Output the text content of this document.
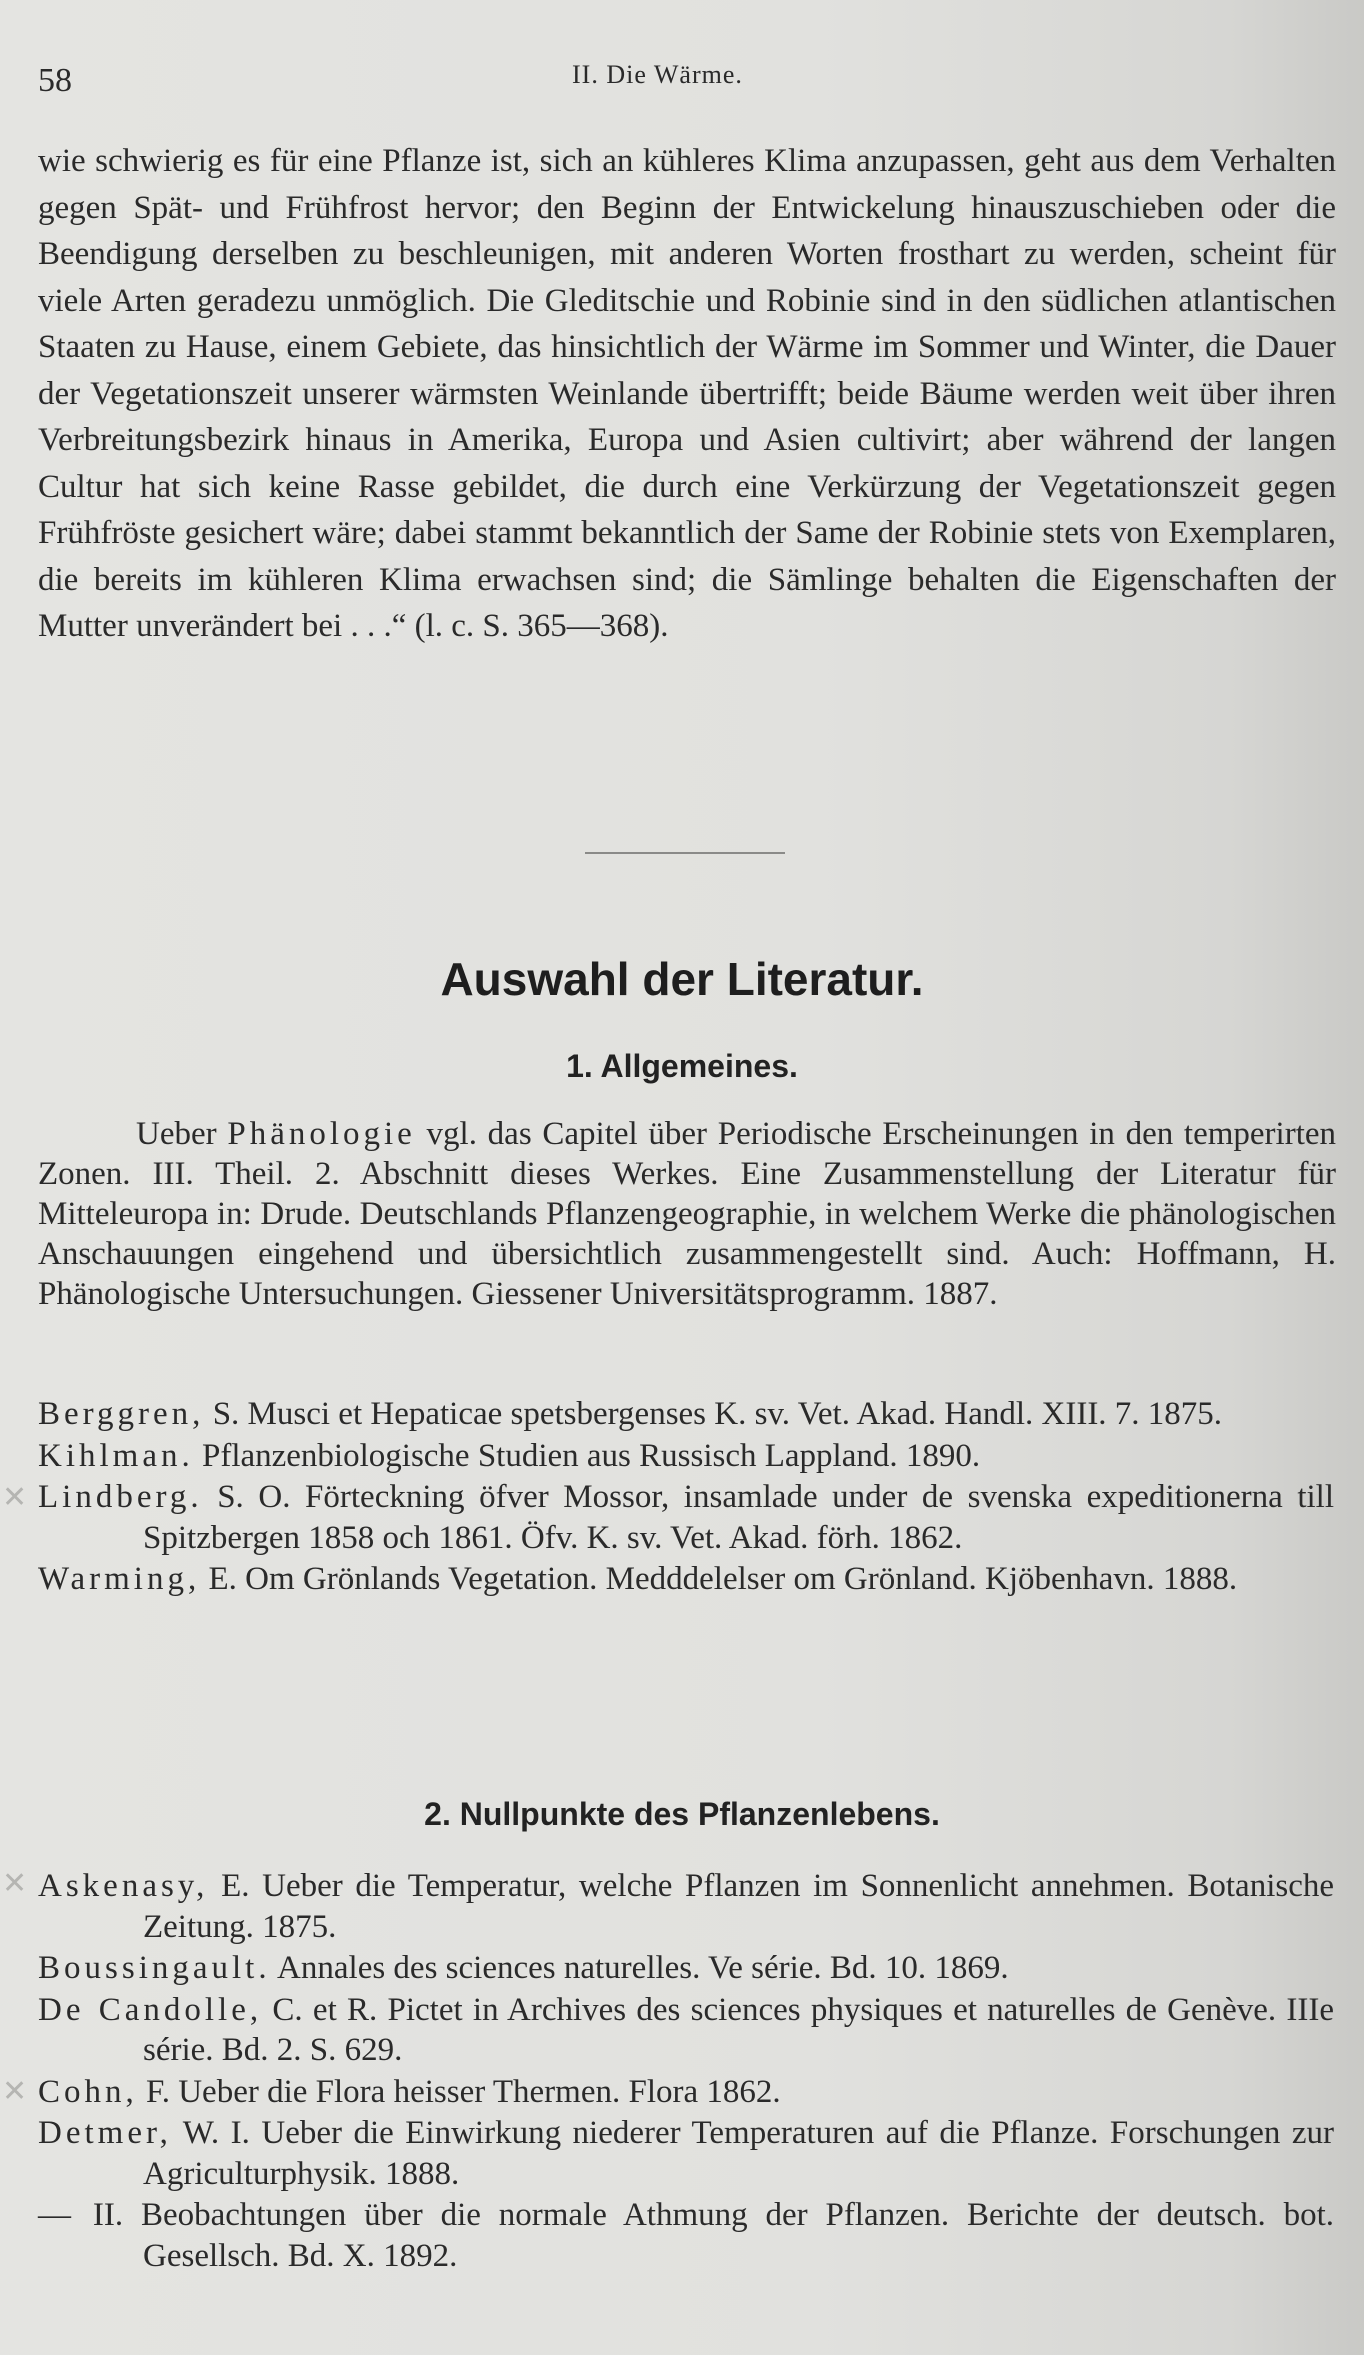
58	II. Die Wärme.

wie schwierig es für eine Pflanze ist, sich an kühleres Klima anzupassen, geht aus dem Verhalten gegen Spät- und Frühfrost hervor; den Beginn der Entwickelung hinauszuschieben oder die Beendigung derselben zu beschleunigen, mit anderen Worten frosthart zu werden, scheint für viele Arten geradezu unmöglich. Die Gleditschie und Robinie sind in den südlichen atlantischen Staaten zu Hause, einem Gebiete, das hinsichtlich der Wärme im Sommer und Winter, die Dauer der Vegetationszeit unserer wärmsten Weinlande übertrifft; beide Bäume werden weit über ihren Verbreitungsbezirk hinaus in Amerika, Europa und Asien cultivirt; aber während der langen Cultur hat sich keine Rasse gebildet, die durch eine Verkürzung der Vegetationszeit gegen Frühfröste gesichert wäre; dabei stammt bekanntlich der Same der Robinie stets von Exemplaren, die bereits im kühleren Klima erwachsen sind; die Sämlinge behalten die Eigenschaften der Mutter unverändert bei . . .“ (l. c. S. 365—368).

Auswahl der Literatur.
1. Allgemeines.

Ueber Phänologie vgl. das Capitel über Periodische Erscheinungen in den temperirten Zonen. III. Theil. 2. Abschnitt dieses Werkes. Eine Zusammenstellung der Literatur für Mitteleuropa in: Drude. Deutschlands Pflanzengeographie, in welchem Werke die phänologischen Anschauungen eingehend und übersichtlich zusammengestellt sind. Auch: Hoffmann, H. Phänologische Untersuchungen. Giessener Universitätsprogramm. 1887.

Berggren, S. Musci et Hepaticae spetsbergenses K. sv. Vet. Akad. Handl. XIII. 7. 1875.

Kihlman. Pflanzenbiologische Studien aus Russisch Lappland. 1890.

Lindberg. S. O. Förteckning öfver Mossor, insamlade under de svenska expeditionerna till Spitzbergen 1858 och 1861. Öfv. K. sv. Vet. Akad. förh. 1862.

Warming, E. Om Grönlands Vegetation. Medddelelser om Grönland. Kjöbenhavn. 1888.

2. Nullpunkte des Pflanzenlebens.

Askenasy, E. Ueber die Temperatur, welche Pflanzen im Sonnenlicht annehmen. Botanische Zeitung. 1875.

Boussingault. Annales des sciences naturelles. Ve série. Bd. 10. 1869.

De Candolle, C. et R. Pictet in Archives des sciences physiques et naturelles de Genève. IIIe série. Bd. 2. S. 629.

Cohn, F. Ueber die Flora heisser Thermen. Flora 1862.

Detmer, W. I. Ueber die Einwirkung niederer Temperaturen auf die Pflanze. Forschungen zur Agriculturphysik. 1888.

— II. Beobachtungen über die normale Athmung der Pflanzen. Berichte der deutsch. bot. Gesellsch. Bd. X. 1892.

✕
✕
✕
